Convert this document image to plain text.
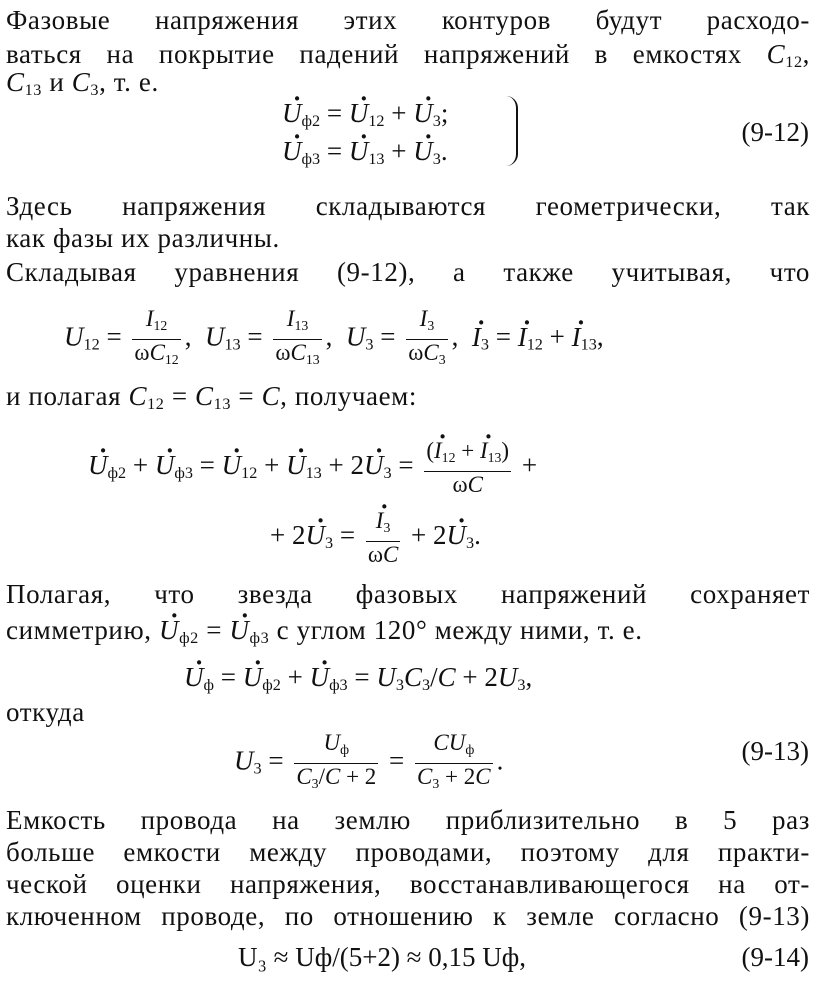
Фазовые напряжения этих контуров будут расходо-
ваться на покрытие падений напряжений в емкостях $C_{12}$,
$C_{13}$ и $C_3$, т. е.
· $U_{ф2}$ = · $U_{12}$ + · $U_3$;
· $U_{ф3}$ = · $U_{13}$ + · $U_3$.
(9-12)
Здесь напряжения складываются геометрически, так
как фазы их различны.
Складывая уравнения (9-12), а также учитывая, что
$U_{12} = \frac{I_{12}}{\omega C_{12}}$ ,  $U_{13} = \frac{I_{13}}{\omega C_{13}}$ ,  $U_3 = \frac{I_3}{\omega C_3}$ ,  · $I_3$ = · $I_{12}$ + · $I_{13}$,
и полагая $C_{12} = C_{13} = C$, получаем:
· $U_{ф2}$ + · $U_{ф3}$ = · $U_{12}$ + · $U_{13} + 2\cdot U_3 = \frac{(\cdot I_{12} + \cdot I_{13})}{\omega C}$ +
+ $2\cdot U_3$ = · $\frac{I_3}{\omega C} + 2\cdot U_3$.
Полагая, что звезда фазовых напряжений сохраняет
симметрию, · $U_{ф2}$ = · $U_{ф3}$ с углом 120° между ними, т. е.
· $U_ф$ = · $U_{ф2}$ + · $U_{ф3} = U_3C_3/C + 2U_3$,
откуда
$U_3 = \frac{U_ф}{C_3/C + 2} = \frac{CU_ф}{C_3 + 2C}$ .	(9-13)
Емкость провода на землю приблизительно в 5 раз
больше емкости между проводами, поэтому для практи-
ческой оценки напряжения, восстанавливающегося на от-
ключенном проводе, по отношению к земле согласно (9-13)
U₃ ≈ Uф/(5+2) ≈ 0,15 Uф,	(9-14)
